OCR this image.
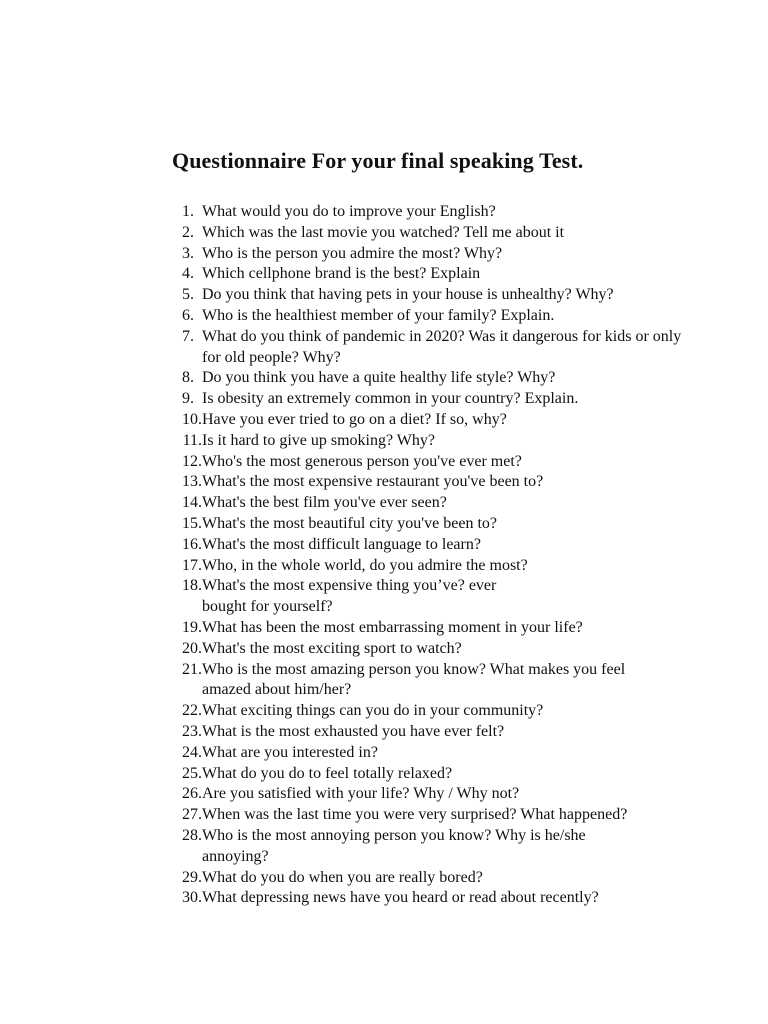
Questionnaire For your final speaking Test.
1. What would you do to improve your English?
2. Which was the last movie you watched? Tell me about it
3. Who is the person you admire the most? Why?
4. Which cellphone brand is the best? Explain
5. Do you think that having pets in your house is unhealthy? Why?
6. Who is the healthiest member of your family? Explain.
7. What do you think of pandemic in 2020? Was it dangerous for kids or only for old people? Why?
8. Do you think you have a quite healthy life style? Why?
9. Is obesity an extremely common in your country? Explain.
10. Have you ever tried to go on a diet? If so, why?
11. Is it hard to give up smoking? Why?
12. Who's the most generous person you've ever met?
13. What's the most expensive restaurant you've been to?
14. What's the best film you've ever seen?
15. What's the most beautiful city you've been to?
16. What's the most difficult language to learn?
17. Who, in the whole world, do you admire the most?
18. What's the most expensive thing you’ve? ever bought for yourself?
19. What has been the most embarrassing moment in your life?
20. What's the most exciting sport to watch?
21. Who is the most amazing person you know? What makes you feel amazed about him/her?
22. What exciting things can you do in your community?
23. What is the most exhausted you have ever felt?
24. What are you interested in?
25. What do you do to feel totally relaxed?
26. Are you satisfied with your life? Why / Why not?
27. When was the last time you were very surprised? What happened?
28. Who is the most annoying person you know? Why is he/she annoying?
29. What do you do when you are really bored?
30. What depressing news have you heard or read about recently?
